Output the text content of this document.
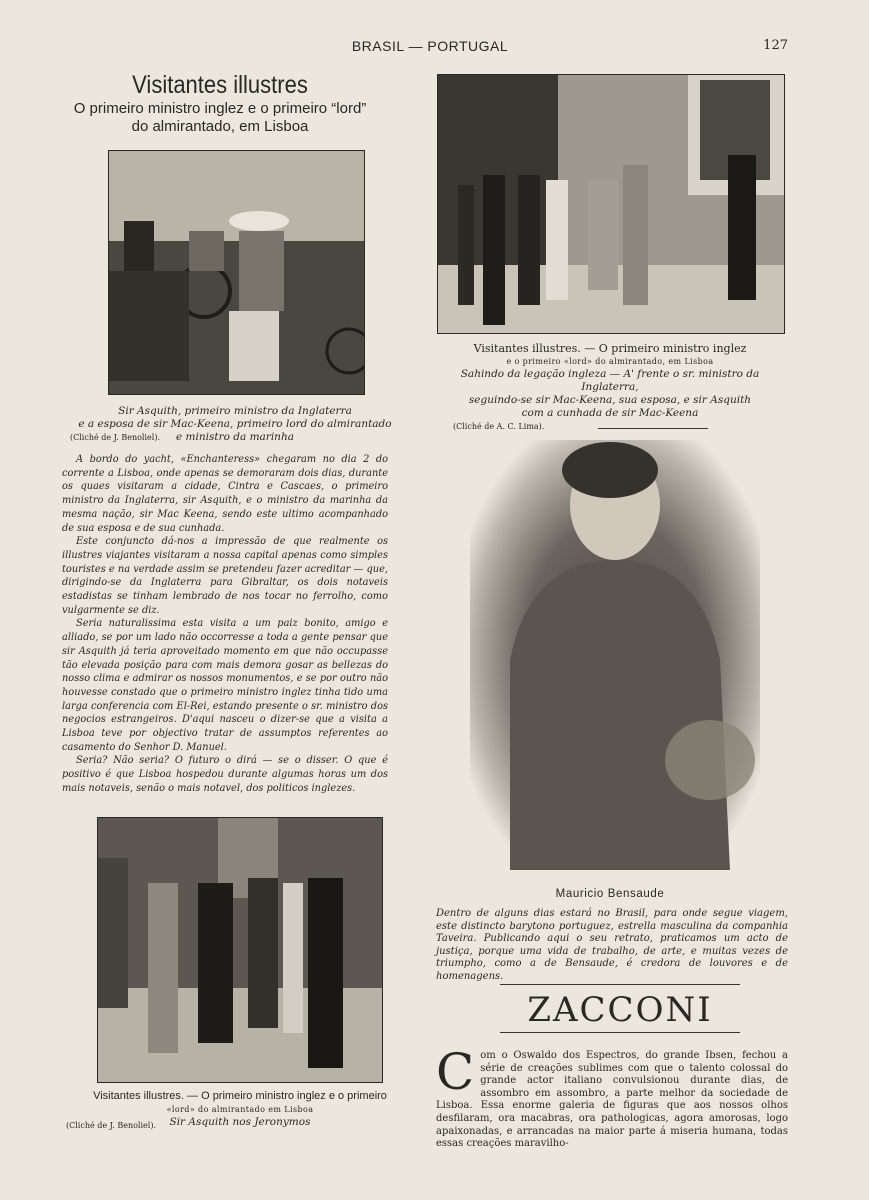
BRASIL — PORTUGAL	127
Visitantes illustres
O primeiro ministro inglez e o primeiro “lord”
do almirantado, em Lisboa
Sir Asquith, primeiro ministro da Inglaterra
e a esposa de sir Mac-Keena, primeiro lord do almirantado
(Cliché de J. Benoliel). e ministro da marinha
Visitantes illustres. — O primeiro ministro inglez
e o primeiro «lord» do almirantado, em Lisboa
Sahindo da legação ingleza — A' frente o sr. ministro da Inglaterra,
seguindo-se sir Mac-Keena, sua esposa, e sir Asquith
com a cunhada de sir Mac-Keena
(Cliché de A. C. Lima).

A bordo do yacht, «Enchanteress» chegaram no dia 2 do corrente a Lisboa, onde apenas se demoraram dois dias, durante os quaes visitaram a cidade, Cintra e Cascaes, o primeiro ministro da Inglaterra, sir Asquith, e o ministro da marinha da mesma nação, sir Mac Keena, sendo este ultimo acompanhado de sua esposa e de sua cunhada.

Este conjuncto dá-nos a impressão de que realmente os illustres viajantes visitaram a nossa capital apenas como simples touristes e na verdade assim se pretendeu fazer acreditar — que, dirigindo-se da Inglaterra para Gibraltar, os dois notaveis estadistas se tinham lembrado de nos tocar no ferrolho, como vulgarmente se diz.

Seria naturalissima esta visita a um paiz bonito, amigo e alliado, se por um lado não occorresse a toda a gente pensar que sir Asquith já teria aproveitado momento em que não occupasse tão elevada posição para com mais demora gosar as bellezas do nosso clima e admirar os nossos monumentos, e se por outro não houvesse constado que o primeiro ministro inglez tinha tido uma larga conferencia com El-Rei, estando presente o sr. ministro dos negocios estrangeiros. D'aqui nasceu o dizer-se que a visita a Lisboa teve por objectivo tratar de assumptos referentes ao casamento do Senhor D. Manuel.

Seria? Não seria? O futuro o dirá — se o disser. O que é positivo é que Lisboa hospedou durante algumas horas um dos mais notaveis, senão o mais notavel, dos politicos inglezes.

Visitantes illustres. — O primeiro ministro inglez e o primeiro
«lord» do almirantado em Lisboa
(Cliché de J. Benoliel). Sir Asquith nos Jeronymos
Mauricio Bensaude
Dentro de alguns dias estará no Brasil, para onde segue viagem, este distincto barytono portuguez, estrella masculina da companhia Taveira. Publicando aqui o seu retrato, praticamos um acto de justiça, porque uma vida de trabalho, de arte, e muitas vezes de triumpho, como a de Bensaude, é credora de louvores e de homenagens.
ZACCONI
C om o Oswaldo dos Espectros, do grande Ibsen, fechou a série de creações sublimes com que o talento colossal do grande actor italiano convulsionou durante dias, de assombro em assombro, a parte melhor da sociedade de Lisboa. Essa enorme galeria de figuras que aos nossos olhos desfilaram, ora macabras, ora pathologicas, agora amorosas, logo apaixonadas, e arrancadas na maior parte á miseria humana, todas essas creações maravilho-
